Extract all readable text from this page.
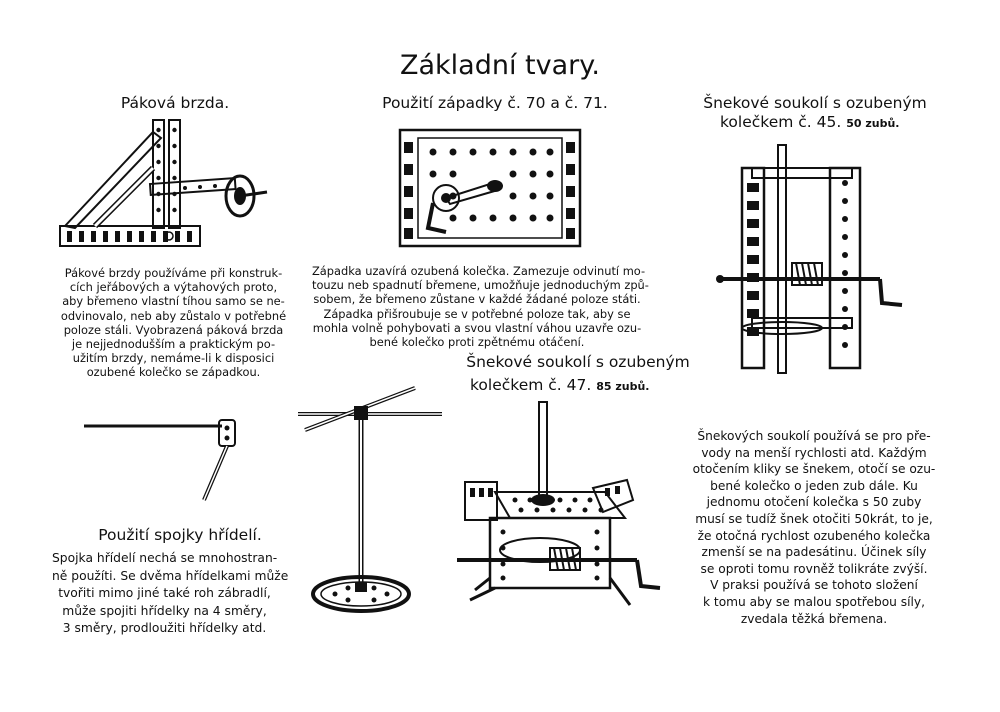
Základní tvary.
Páková brzda.
Pákové brzdy používáme při konstruk-
cích jeřábových a výtahových proto,
aby břemeno vlastní tíhou samo se ne-
odvinovalo, neb aby zůstalo v potřebné
poloze stáli. Vyobrazená páková brzda
je nejjednodušším a praktickým po-
užitím brzdy, nemáme-li k disposici
ozubené kolečko se západkou.
Použití západky č. 70 a č. 71.
Západka uzavírá ozubená kolečka. Zamezuje odvinutí mo-
touzu neb spadnutí břemene, umožňuje jednoduchým způ-
sobem, že břemeno zůstane v každé žádané poloze státi.
Západka přišroubuje se v potřebné poloze tak, aby se
mohla volně pohybovati a svou vlastní váhou uzavře ozu-
bené kolečko proti zpětnému otáčení.
Šnekové soukolí s ozubeným
kolečkem č. 45. 50 zubů.
Šnekové soukolí s ozubeným
kolečkem č. 47. 85 zubů.
Použití spojky hřídelí.
Spojka hřídelí nechá se mnohostran-
ně použíti. Se dvěma hřídelkami může
tvořiti mimo jiné také roh zábradlí,
může spojiti hřídelky na 4 směry,
3 směry, prodloužiti hřídelky atd.
Šnekových soukolí používá se pro pře-
vody na menší rychlosti atd. Každým
otočením kliky se šnekem, otočí se ozu-
bené kolečko o jeden zub dále. Ku
jednomu otočení kolečka s 50 zuby
musí se tudíž šnek otočiti 50krát, to je,
že otočná rychlost ozubeného kolečka
zmenší se na padesátinu. Účinek síly
se oproti tomu rovněž tolikráte zvýší.
V praksi používá se tohoto složení
k tomu aby se malou spotřebou síly,
zvedala těžká břemena.
